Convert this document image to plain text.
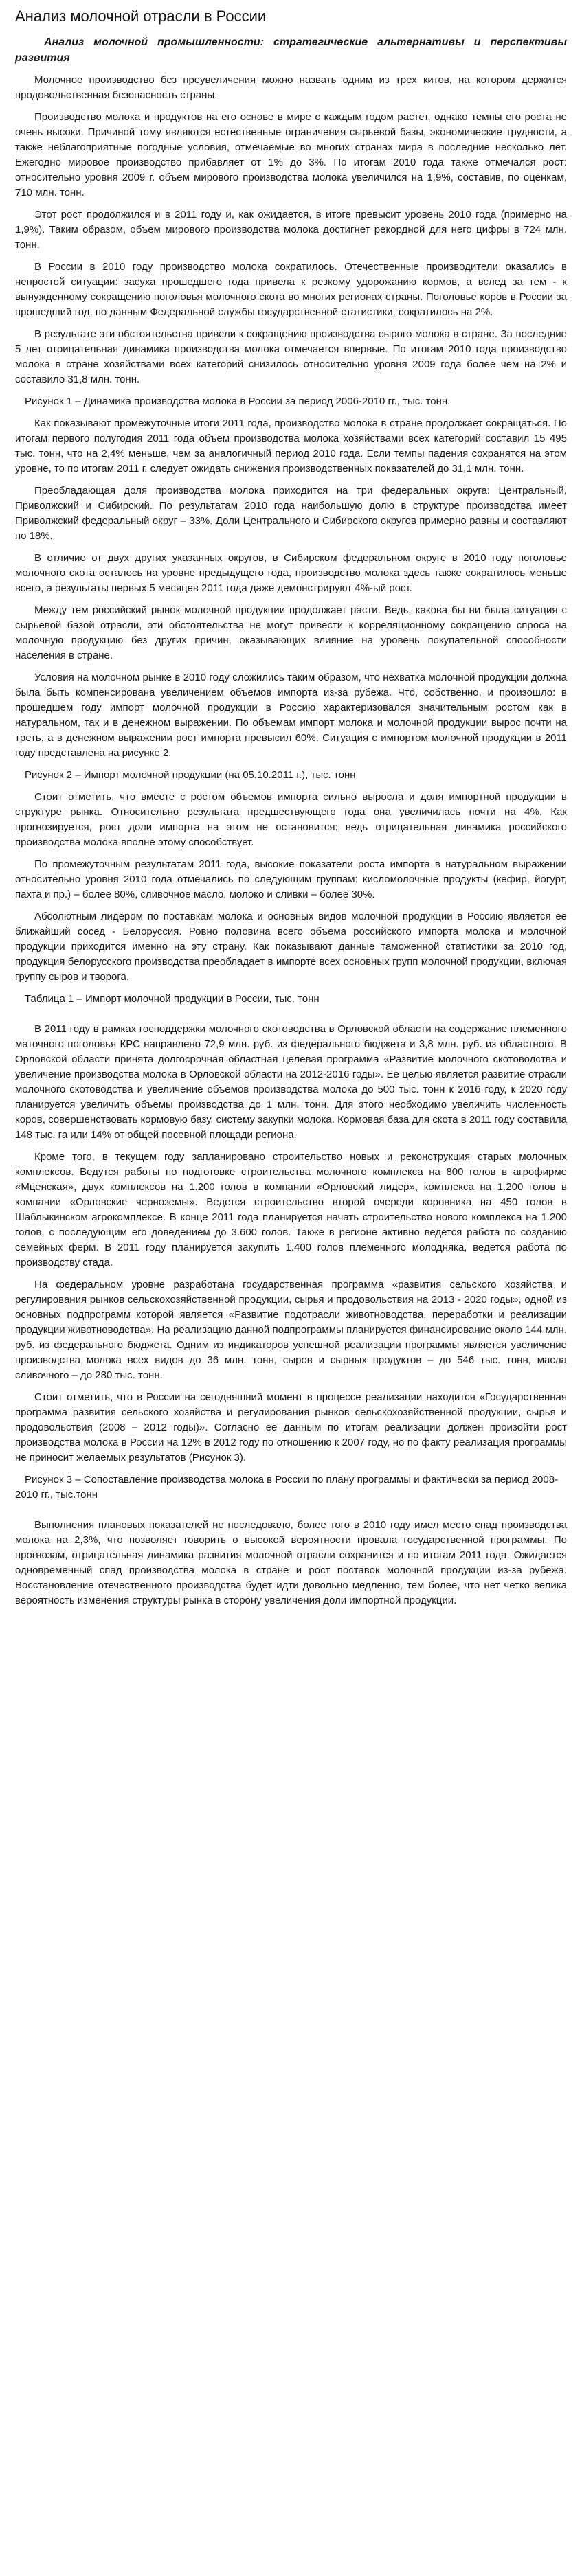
Анализ молочной отрасли в России
Анализ молочной промышленности: стратегические альтернативы и перспективы развития

Молочное производство без преувеличения можно назвать одним из трех китов, на котором держится продовольственная безопасность страны.

Производство молока и продуктов на его основе в мире с каждым годом растет, однако темпы его роста не очень высоки. Причиной тому являются естественные ограничения сырьевой базы, экономические трудности, а также неблагоприятные погодные условия, отмечаемые во многих странах мира в последние несколько лет. Ежегодно мировое производство прибавляет от 1% до 3%. По итогам 2010 года также отмечался рост: относительно уровня 2009 г. объем мирового производства молока увеличился на 1,9%, составив, по оценкам, 710 млн. тонн.

Этот рост продолжился и в 2011 году и, как ожидается, в итоге превысит уровень 2010 года (примерно на 1,9%). Таким образом, объем мирового производства молока достигнет рекордной для него цифры в 724 млн. тонн.

В России в 2010 году производство молока сократилось. Отечественные производители оказались в непростой ситуации: засуха прошедшего года привела к резкому удорожанию кормов, а вслед за тем - к вынужденному сокращению поголовья молочного скота во многих регионах страны. Поголовье коров в России за прошедший год, по данным Федеральной службы государственной статистики, сократилось на 2%.

В результате эти обстоятельства привели к сокращению производства сырого молока в стране. За последние 5 лет отрицательная динамика производства молока отмечается впервые. По итогам 2010 года производство молока в стране хозяйствами всех категорий снизилось относительно уровня 2009 года более чем на 2% и составило 31,8 млн. тонн.

Рисунок 1 – Динамика производства молока в России за период 2006-2010 гг., тыс. тонн.

Как показывают промежуточные итоги 2011 года, производство молока в стране продолжает сокращаться. По итогам первого полугодия 2011 года объем производства молока хозяйствами всех категорий составил 15 495 тыс. тонн, что на 2,4% меньше, чем за аналогичный период 2010 года. Если темпы падения сохранятся на этом уровне, то по итогам 2011 г. следует ожидать снижения производственных показателей до 31,1 млн. тонн.

Преобладающая доля производства молока приходится на три федеральных округа: Центральный, Приволжский и Сибирский. По результатам 2010 года наибольшую долю в структуре производства имеет Приволжский федеральный округ – 33%. Доли Центрального и Сибирского округов примерно равны и составляют по 18%.

В отличие от двух других указанных округов, в Сибирском федеральном округе в 2010 году поголовье молочного скота осталось на уровне предыдущего года, производство молока здесь также сократилось меньше всего, а результаты первых 5 месяцев 2011 года даже демонстрируют 4%-ый рост.

Между тем российский рынок молочной продукции продолжает расти. Ведь, какова бы ни была ситуация с сырьевой базой отрасли, эти обстоятельства не могут привести к корреляционному сокращению спроса на молочную продукцию без других причин, оказывающих влияние на уровень покупательной способности населения в стране.

Условия на молочном рынке в 2010 году сложились таким образом, что нехватка молочной продукции должна была быть компенсирована увеличением объемов импорта из-за рубежа. Что, собственно, и произошло: в прошедшем году импорт молочной продукции в Россию характеризовался значительным ростом как в натуральном, так и в денежном выражении. По объемам импорт молока и молочной продукции вырос почти на треть, а в денежном выражении рост импорта превысил 60%. Ситуация с импортом молочной продукции в 2011 году представлена на рисунке 2.

Рисунок 2 – Импорт молочной продукции (на 05.10.2011 г.), тыс. тонн

Стоит отметить, что вместе с ростом объемов импорта сильно выросла и доля импортной продукции в структуре рынка. Относительно результата предшествующего года она увеличилась почти на 4%. Как прогнозируется, рост доли импорта на этом не остановится: ведь отрицательная динамика российского производства молока вполне этому способствует.

По промежуточным результатам 2011 года, высокие показатели роста импорта в натуральном выражении относительно уровня 2010 года отмечались по следующим группам: кисломолочные продукты (кефир, йогурт, пахта и пр.) – более 80%, сливочное масло, молоко и сливки – более 30%.

Абсолютным лидером по поставкам молока и основных видов молочной продукции в Россию является ее ближайший сосед - Белоруссия. Ровно половина всего объема российского импорта молока и молочной продукции приходится именно на эту страну. Как показывают данные таможенной статистики за 2010 год, продукция белорусского производства преобладает в импорте всех основных групп молочной продукции, включая группу сыров и творога.

Таблица 1 – Импорт молочной продукции в России, тыс. тонн

В 2011 году в рамках господдержки молочного скотоводства в Орловской области на содержание племенного маточного поголовья КРС направлено 72,9 млн. руб. из федерального бюджета и 3,8 млн. руб. из областного. В Орловской области принята долгосрочная областная целевая программа «Развитие молочного скотоводства и увеличение производства молока в Орловской области на 2012-2016 годы». Ее целью является развитие отрасли молочного скотоводства и увеличение объемов производства молока до 500 тыс. тонн к 2016 году, к 2020 году планируется увеличить объемы производства до 1 млн. тонн. Для этого необходимо увеличить численность коров, совершенствовать кормовую базу, систему закупки молока. Кормовая база для скота в 2011 году составила 148 тыс. га или 14% от общей посевной площади региона.

Кроме того, в текущем году запланировано строительство новых и реконструкция старых молочных комплексов. Ведутся работы по подготовке строительства молочного комплекса на 800 голов в агрофирме «Мценская», двух комплексов на 1.200 голов в компании «Орловский лидер», комплекса на 1.200 голов в компании «Орловские черноземы». Ведется строительство второй очереди коровника на 450 голов в Шаблыкинском агрокомплексе. В конце 2011 года планируется начать строительство нового комплекса на 1.200 голов, с последующим его доведением до 3.600 голов. Также в регионе активно ведется работа по созданию семейных ферм. В 2011 году планируется закупить 1.400 голов племенного молодняка, ведется работа по производству стада.

На федеральном уровне разработана государственная программа «развития сельского хозяйства и регулирования рынков сельскохозяйственной продукции, сырья и продовольствия на 2013 - 2020 годы», одной из основных подпрограмм которой является «Развитие подотрасли животноводства, переработки и реализации продукции животноводства». На реализацию данной подпрограммы планируется финансирование около 144 млн. руб. из федерального бюджета. Одним из индикаторов успешной реализации программы является увеличение производства молока всех видов до 36 млн. тонн, сыров и сырных продуктов – до 546 тыс. тонн, масла сливочного – до 280 тыс. тонн.

Стоит отметить, что в России на сегодняшний момент в процессе реализации находится «Государственная программа развития сельского хозяйства и регулирования рынков сельскохозяйственной продукции, сырья и продовольствия (2008 – 2012 годы)». Согласно ее данным по итогам реализации должен произойти рост производства молока в России на 12% в 2012 году по отношению к 2007 году, но по факту реализация программы не приносит желаемых результатов (Рисунок 3).

Рисунок 3 – Сопоставление производства молока в России по плану программы и фактически за период 2008-2010 гг., тыс.тонн

Выполнения плановых показателей не последовало, более того в 2010 году имел место спад производства молока на 2,3%, что позволяет говорить о высокой вероятности провала государственной программы. По прогнозам, отрицательная динамика развития молочной отрасли сохранится и по итогам 2011 года. Ожидается одновременный спад производства молока в стране и рост поставок молочной продукции из-за рубежа. Восстановление отечественного производства будет идти довольно медленно, тем более, что нет четко велика вероятность изменения структуры рынка в сторону увеличения доли импортной продукции.
